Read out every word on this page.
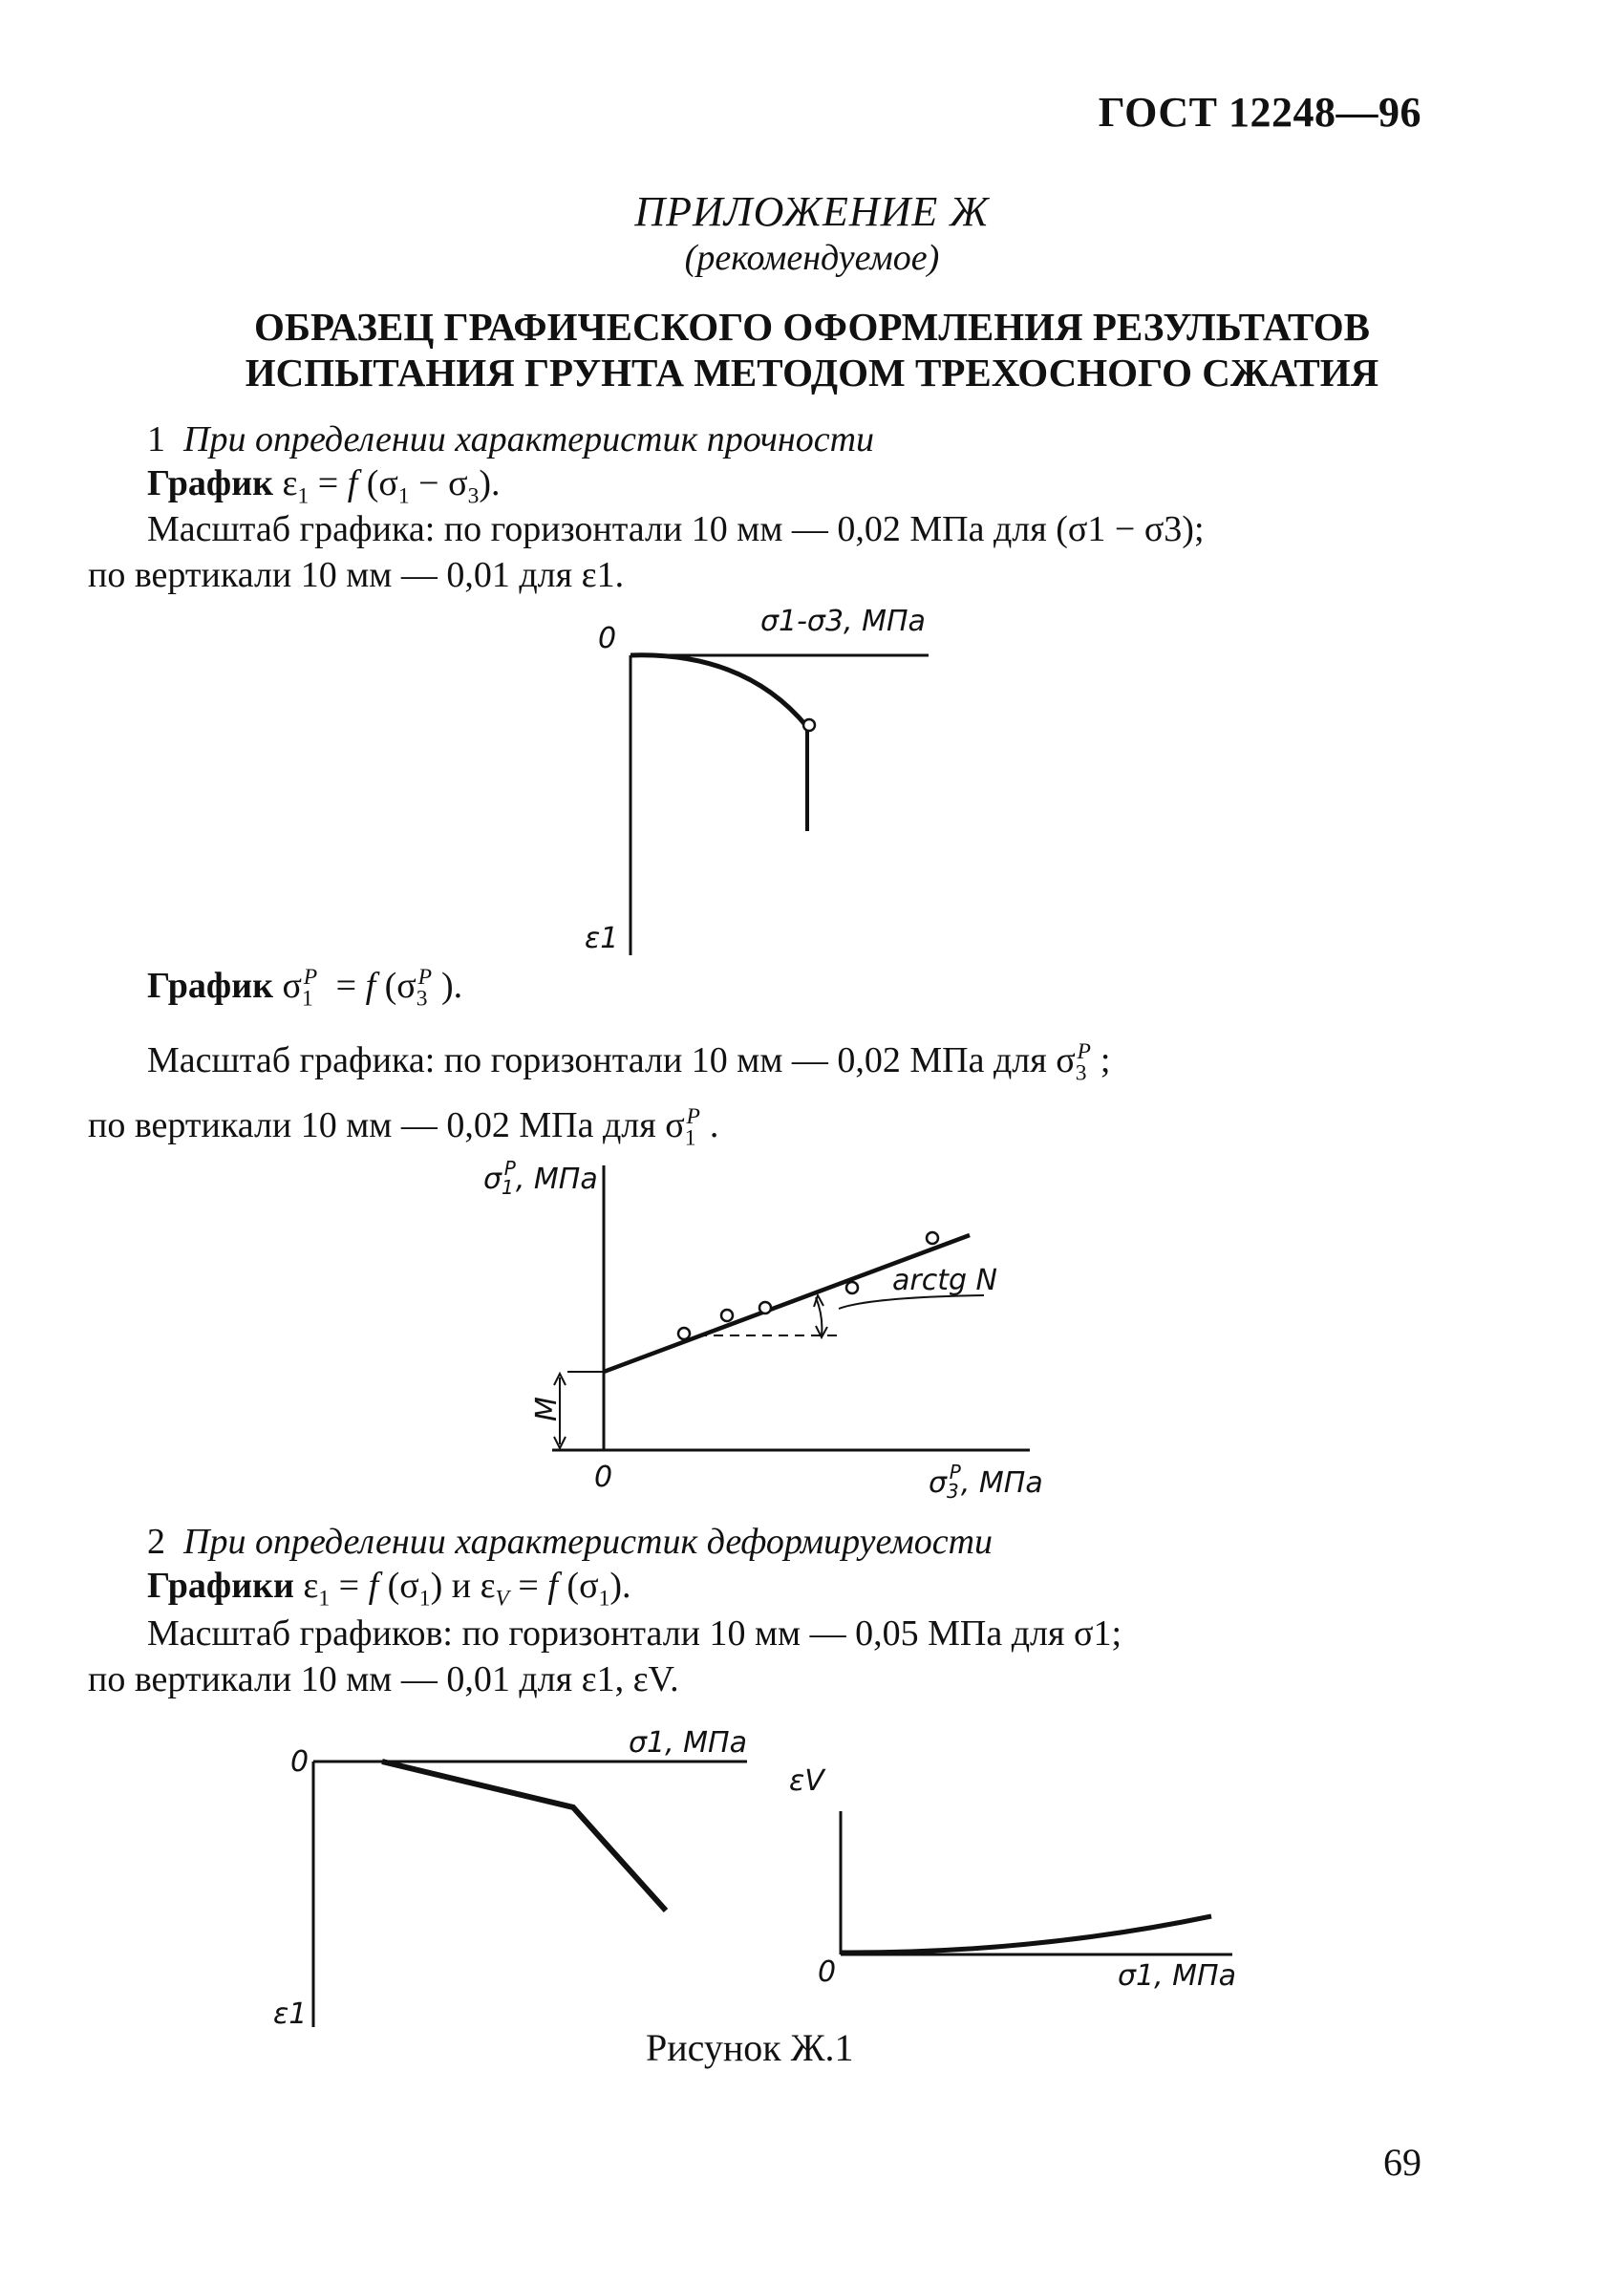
ГОСТ 12248—96
ПРИЛОЖЕНИЕ Ж
(рекомендуемое)
ОБРАЗЕЦ ГРАФИЧЕСКОГО ОФОРМЛЕНИЯ РЕЗУЛЬТАТОВ
ИСПЫТАНИЯ ГРУНТА МЕТОДОМ ТРЕХОСНОГО СЖАТИЯ
1 При определении характеристик прочности
График $\varepsilon_1 = f$ $(\sigma_1 - \sigma_3)$.
Масштаб графика: по горизонтали 10 мм — 0,02 МПа для (σ1 − σ3);
по вертикали 10 мм — 0,01 для ε1.
0
σ1-σ3, МПа
ε1
График $\sigma_1^P = f$ ($\sigma_3^P$ ).
Масштаб графика: по горизонтали 10 мм — 0,02 МПа для $\sigma_3^P$ ;
по вертикали 10 мм — 0,02 МПа для $\sigma_1^P$ .
$\sigma_1P$, МПа
M
arctg N
0	$\sigma_3P$, МПа
2 При определении характеристик деформируемости
Графики $\varepsilon_1 = f$ $(\sigma_1)$ и $\varepsilon_V = f$ $(\sigma_1)$.
Масштаб графиков: по горизонтали 10 мм — 0,05 МПа для σ1;
по вертикали 10 мм — 0,01 для ε1, εV.
0
σ1, МПа
ε1
εV
0	σ1, МПа
Рисунок Ж.1
69
